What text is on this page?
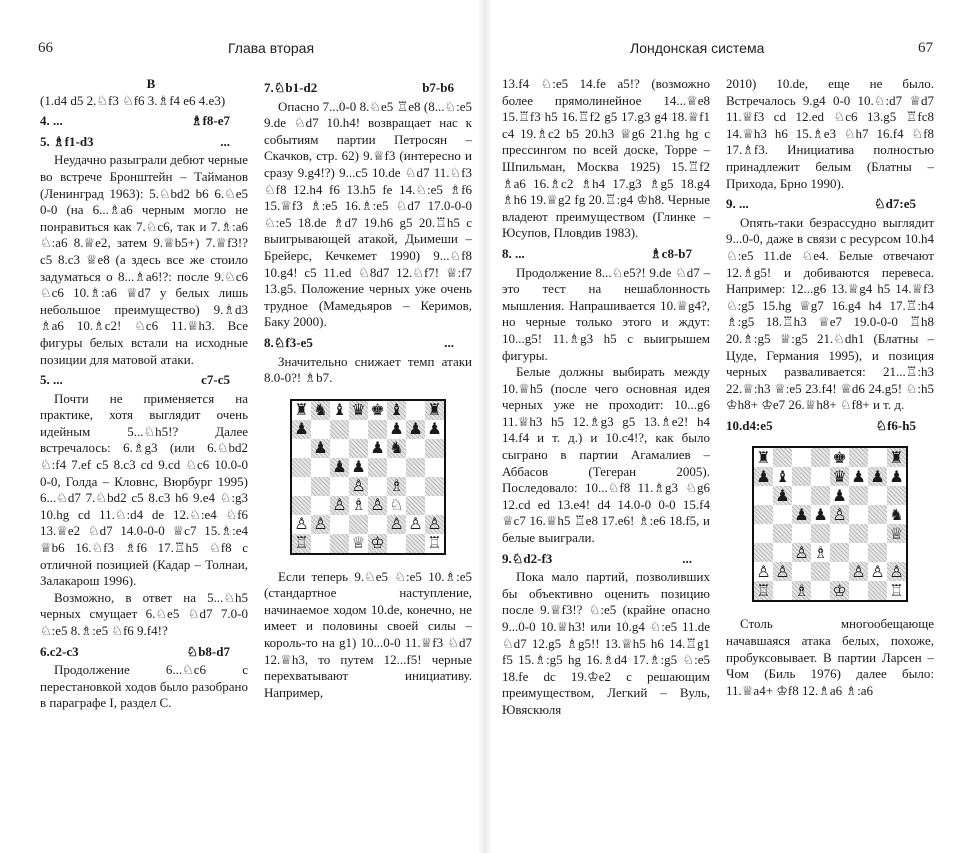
66	Глава вторая	Лондонская система	67

В

(1.d4 d5 2.♘f3 ♘f6 3.♗f4 e6 4.e3)

4. ...	♗f8-e7
5. ♗f1-d3	...

Неудачно разыграли дебют черные во встрече Бронштейн – Тайманов (Ленинград 1963): 5.♘bd2 b6 6.♘e5 0-0 (на 6...♗a6 черным могло не понравиться как 7.♘c6, так и 7.♗:a6 ♘:a6 8.♕e2, затем 9.♕b5+) 7.♕f3!? c5 8.c3 ♕e8 (а здесь все же стоило задуматься о 8...♗a6!?: после 9.♘c6 ♘c6 10.♗:a6 ♕d7 у белых лишь небольшое преимущество) 9.♗d3 ♗a6 10.♗c2! ♘c6 11.♕h3. Все фигуры белых встали на исходные позиции для матовой атаки.

5. ...	c7-c5

Почти не применяется на практике, хотя выглядит очень идейным 5...♘h5!? Далее встречалось: 6.♗g3 (или 6.♘bd2 ♘:f4 7.ef c5 8.c3 cd 9.cd ♘c6 10.0-0 0-0, Голда – Кловнс, Вюрбург 1995) 6...♘d7 7.♘bd2 c5 8.c3 h6 9.e4 ♘:g3 10.hg cd 11.♘:d4 de 12.♘:e4 ♘f6 13.♕e2 ♘d7 14.0-0-0 ♕c7 15.♗:e4 ♕b6 16.♘f3 ♗f6 17.♖h5 ♘f8 с отличной позицией (Кадар – Толнаи, Залакарош 1996).

Возможно, в ответ на 5...♘h5 черных смущает 6.♘e5 ♘d7 7.0-0 ♘:e5 8.♗:e5 ♘f6 9.f4!?

6.c2-c3	♘b8-d7

Продолжение 6...♘c6 с перестановкой ходов было разобрано в параграфе I, раздел С.

7.♘b1-d2	b7-b6

Опасно 7...0-0 8.♘e5 ♖e8 (8...♘:e5 9.de ♘d7 10.h4! возвращает нас к событиям партии Петросян – Скачков, стр. 62) 9.♕f3 (интересно и сразу 9.g4!?) 9...c5 10.de ♘d7 11.♘f3 ♘f8 12.h4 f6 13.h5 fe 14.♘:e5 ♗f6 15.♕f3 ♗:e5 16.♗:e5 ♘d7 17.0-0-0 ♘:e5 18.de ♗d7 19.h6 g5 20.♖h5 с выигрывающей атакой, Дьимеши – Брейерс, Кечкемет 1990) 9...♘f8 10.g4! c5 11.ed ♘8d7 12.♘f7! ♕:f7 13.g5. Положение черных уже очень трудное (Мамедьяров – Керимов, Баку 2000).

8.♘f3-e5	...

Значительно снижает темп атаки 8.0-0?! ♗b7.

♜ ♞ ♝ ♛ ♚ ♝ ♜
♟	♟ ♟ ♟
♟	♟ ♞
♟ ♟
♙ ♗
♙ ♗ ♙ ♘
♙ ♙	♙ ♙ ♙
♖	♕ ♔	♖

Если теперь 9.♘e5 ♘:e5 10.♗:e5 (стандартное наступление, начинаемое ходом 10.de, конечно, не имеет и половины своей силы – король-то на g1) 10...0-0 11.♕f3 ♘d7 12.♕h3, то путем 12...f5! черные перехватывают инициативу. Например,

13.f4 ♘:e5 14.fe a5!? (возможно более прямолинейное 14...♕e8 15.♖f3 h5 16.♖f2 g5 17.g3 g4 18.♕f1 c4 19.♗c2 b5 20.h3 ♕g6 21.hg hg с прессингом по всей доске, Торре – Шпильман, Москва 1925) 15.♖f2 ♗a6 16.♗c2 ♗h4 17.g3 ♗g5 18.g4 ♗h6 19.♕g2 fg 20.♖:g4 ♔h8. Черные владеют преимуществом (Глинке – Юсупов, Пловдив 1983).

8. ...	♗c8-b7

Продолжение 8...♘e5?! 9.de ♘d7 – это тест на нешаблонность мышления. Напрашивается 10.♕g4?, но черные только этого и ждут: 10...g5! 11.♗g3 h5 с выигрышем фигуры.

Белые должны выбирать между 10.♕h5 (после чего основная идея черных уже не проходит: 10...g6 11.♕h3 h5 12.♗g3 g5 13.♗e2! h4 14.f4 и т. д.) и 10.c4!?, как было сыграно в партии Агамалиев – Аббасов (Тегеран 2005). Последовало: 10...♘f8 11.♗g3 ♘g6 12.cd ed 13.e4! d4 14.0-0 0-0 15.f4 ♕c7 16.♕h5 ♖e8 17.e6! ♗:e6 18.f5, и белые выиграли.

9.♘d2-f3	...

Пока мало партий, позволивших бы объективно оценить позицию после 9.♕f3!? ♘:e5 (крайне опасно 9...0-0 10.♕h3! или 10.g4 ♘:e5 11.de ♘d7 12.g5 ♗g5!! 13.♕h5 h6 14.♖g1 f5 15.♗:g5 hg 16.♗d4 17.♗:g5 ♘:e5 18.fe dc 19.♔e2 с решающим преимуществом, Легкий – Вуль, Ювяскюля

2010) 10.de, еще не было. Встречалось 9.g4 0-0 10.♘:d7 ♕d7 11.♕f3 cd 12.ed ♘c6 13.g5 ♖fc8 14.♕h3 h6 15.♗e3 ♘h7 16.f4 ♘f8 17.♗f3. Инициатива полностью принадлежит белым (Блатны – Прихода, Брно 1990).

9. ...	♘d7:e5

Опять-таки безрассудно выглядит 9...0-0, даже в связи с ресурсом 10.h4 ♘:e5 11.de ♘e4. Белые отвечают 12.♗g5! и добиваются перевеса. Например: 12...g6 13.♕g4 h5 14.♕f3 ♘:g5 15.hg ♕g7 16.g4 h4 17.♖:h4 ♗:g5 18.♖h3 ♕e7 19.0-0-0 ♖h8 20.♗:g5 ♕:g5 21.♘dh1 (Блатны – Цуде, Германия 1995), и позиция черных разваливается: 21...♖:h3 22.♕:h3 ♕:e5 23.f4! ♕d6 24.g5! ♘:h5 ♔h8+ ♔e7 26.♕h8+ ♘f8+ и т. д.

10.d4:e5	♘f6-h5
♜	♚	♜
♟ ♝	♛ ♟ ♟ ♟
♟	♟
♟ ♟ ♙	♞
♕
♙ ♗
♙ ♙	♙ ♙ ♙
♖ ♗ ♔	♖

Столь многообещающе начавшаяся атака белых, похоже, пробуксовывает. В партии Ларсен – Чом (Биль 1976) далее было: 11.♕a4+ ♔f8 12.♗a6 ♗:a6
